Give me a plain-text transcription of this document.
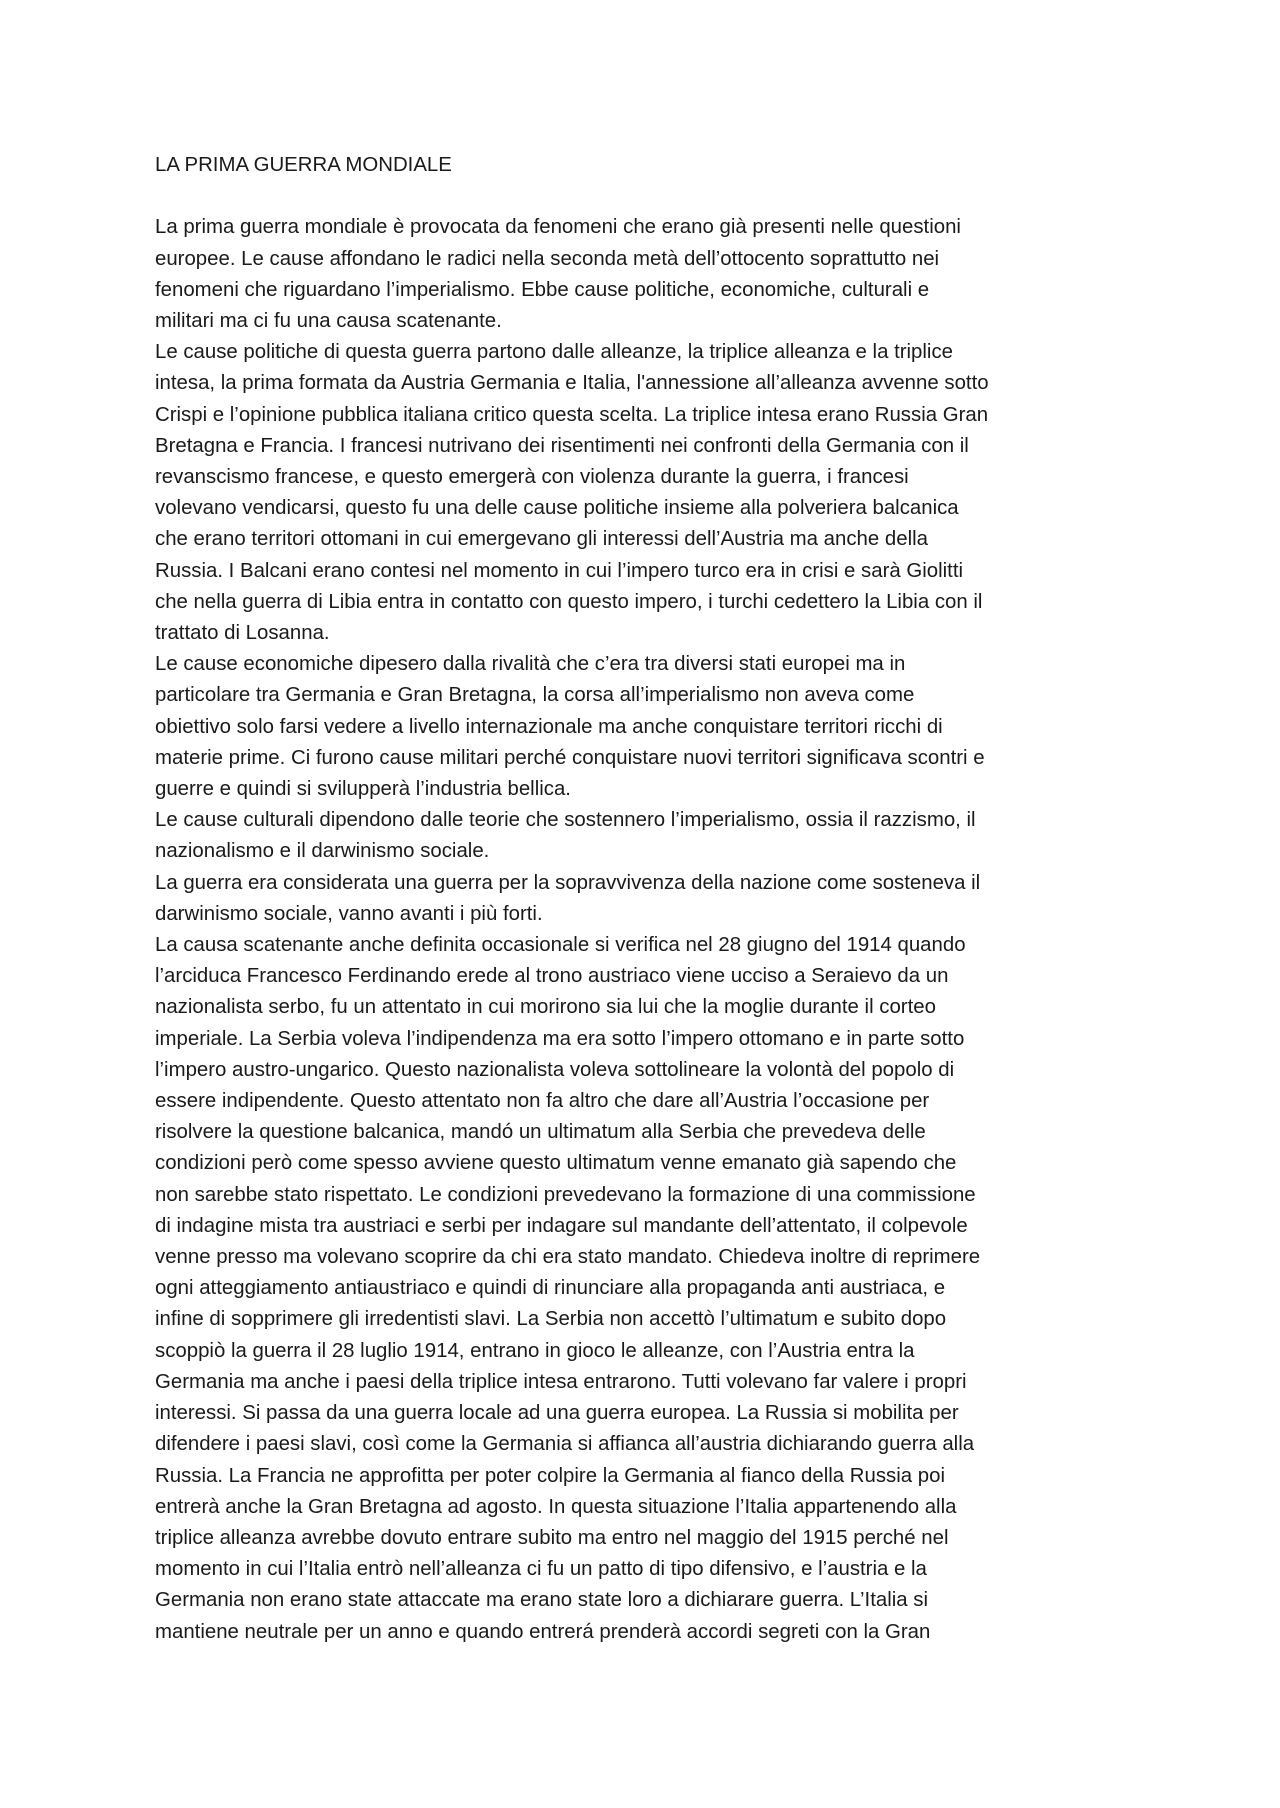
LA PRIMA GUERRA MONDIALE

La prima guerra mondiale è provocata da fenomeni che erano già presenti nelle questioni
europee. Le cause affondano le radici nella seconda metà dell’ottocento soprattutto nei
fenomeni che riguardano l’imperialismo. Ebbe cause politiche, economiche, culturali e
militari ma ci fu una causa scatenante.

Le cause politiche di questa guerra partono dalle alleanze, la triplice alleanza e la triplice
intesa, la prima formata da Austria Germania e Italia, l'annessione all’alleanza avvenne sotto
Crispi e l’opinione pubblica italiana critico questa scelta. La triplice intesa erano Russia Gran
Bretagna e Francia. I francesi nutrivano dei risentimenti nei confronti della Germania con il
revanscismo francese, e questo emergerà con violenza durante la guerra, i francesi
volevano vendicarsi, questo fu una delle cause politiche insieme alla polveriera balcanica
che erano territori ottomani in cui emergevano gli interessi dell’Austria ma anche della
Russia. I Balcani erano contesi nel momento in cui l’impero turco era in crisi e sarà Giolitti
che nella guerra di Libia entra in contatto con questo impero, i turchi cedettero la Libia con il
trattato di Losanna.

Le cause economiche dipesero dalla rivalità che c’era tra diversi stati europei ma in
particolare tra Germania e Gran Bretagna, la corsa all’imperialismo non aveva come
obiettivo solo farsi vedere a livello internazionale ma anche conquistare territori ricchi di
materie prime. Ci furono cause militari perché conquistare nuovi territori significava scontri e
guerre e quindi si svilupperà l’industria bellica.

Le cause culturali dipendono dalle teorie che sostennero l’imperialismo, ossia il razzismo, il
nazionalismo e il darwinismo sociale.

La guerra era considerata una guerra per la sopravvivenza della nazione come sosteneva il
darwinismo sociale, vanno avanti i più forti.

La causa scatenante anche definita occasionale si verifica nel 28 giugno del 1914 quando
l’arciduca Francesco Ferdinando erede al trono austriaco viene ucciso a Seraievo da un
nazionalista serbo, fu un attentato in cui morirono sia lui che la moglie durante il corteo
imperiale. La Serbia voleva l’indipendenza ma era sotto l’impero ottomano e in parte sotto
l’impero austro-ungarico. Questo nazionalista voleva sottolineare la volontà del popolo di
essere indipendente. Questo attentato non fa altro che dare all’Austria l’occasione per
risolvere la questione balcanica, mandó un ultimatum alla Serbia che prevedeva delle
condizioni però come spesso avviene questo ultimatum venne emanato già sapendo che
non sarebbe stato rispettato. Le condizioni prevedevano la formazione di una commissione
di indagine mista tra austriaci e serbi per indagare sul mandante dell’attentato, il colpevole
venne presso ma volevano scoprire da chi era stato mandato. Chiedeva inoltre di reprimere
ogni atteggiamento antiaustriaco e quindi di rinunciare alla propaganda anti austriaca, e
infine di sopprimere gli irredentisti slavi. La Serbia non accettò l’ultimatum e subito dopo
scoppiò la guerra il 28 luglio 1914, entrano in gioco le alleanze, con l’Austria entra la
Germania ma anche i paesi della triplice intesa entrarono. Tutti volevano far valere i propri
interessi. Si passa da una guerra locale ad una guerra europea. La Russia si mobilita per
difendere i paesi slavi, così come la Germania si affianca all’austria dichiarando guerra alla
Russia. La Francia ne approfitta per poter colpire la Germania al fianco della Russia poi
entrerà anche la Gran Bretagna ad agosto. In questa situazione l’Italia appartenendo alla
triplice alleanza avrebbe dovuto entrare subito ma entro nel maggio del 1915 perché nel
momento in cui l’Italia entrò nell’alleanza ci fu un patto di tipo difensivo, e l’austria e la
Germania non erano state attaccate ma erano state loro a dichiarare guerra. L’Italia si
mantiene neutrale per un anno e quando entrerá prenderà accordi segreti con la Gran
